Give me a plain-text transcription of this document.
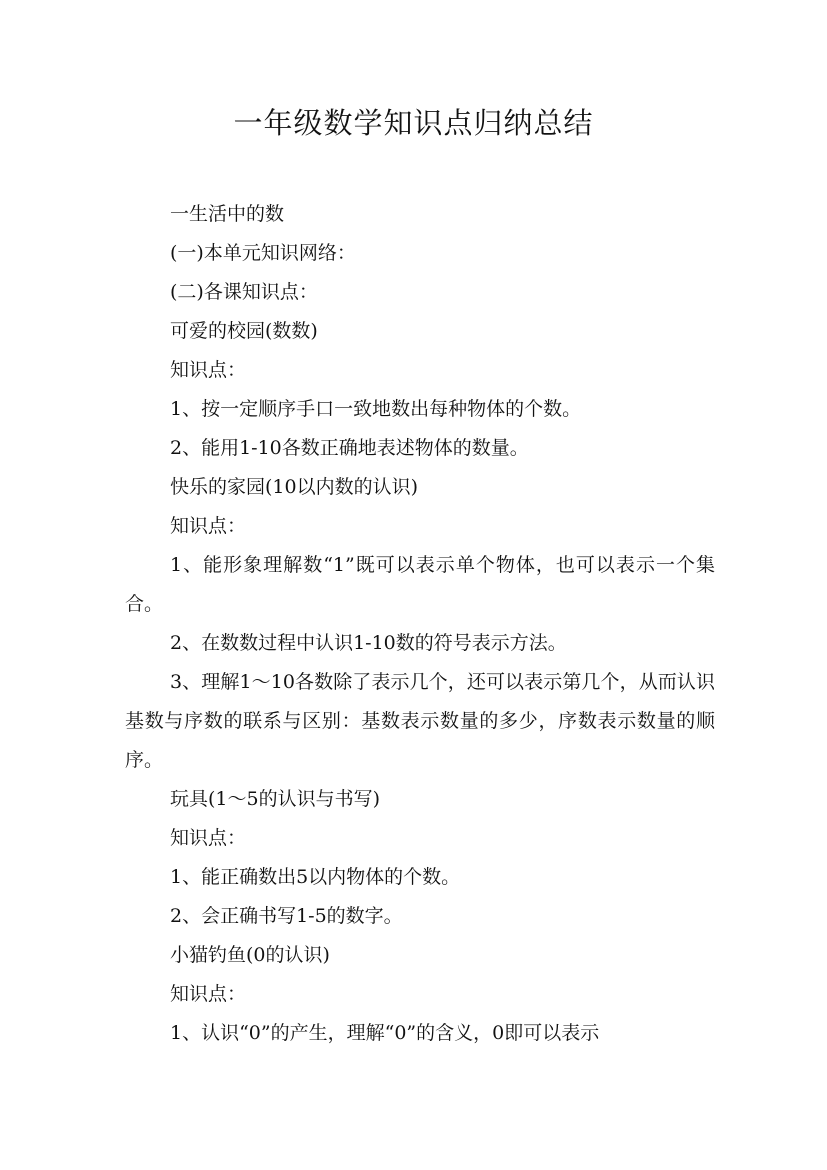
一年级数学知识点归纳总结

一生活中的数

(一)本单元知识网络：

(二)各课知识点：

可爱的校园(数数)

知识点：

1、按一定顺序手口一致地数出每种物体的个数。

2、能用1-10各数正确地表述物体的数量。

快乐的家园(10以内数的认识)

知识点：

1、能形象理解数“1”既可以表示单个物体，也可以表示一个集合。

2、在数数过程中认识1-10数的符号表示方法。

3、理解1～10各数除了表示几个，还可以表示第几个，从而认识基数与序数的联系与区别：基数表示数量的多少，序数表示数量的顺序。

玩具(1～5的认识与书写)

知识点：

1、能正确数出5以内物体的个数。

2、会正确书写1-5的数字。

小猫钓鱼(0的认识)

知识点：

1、认识“0”的产生，理解“0”的含义，0即可以表示
